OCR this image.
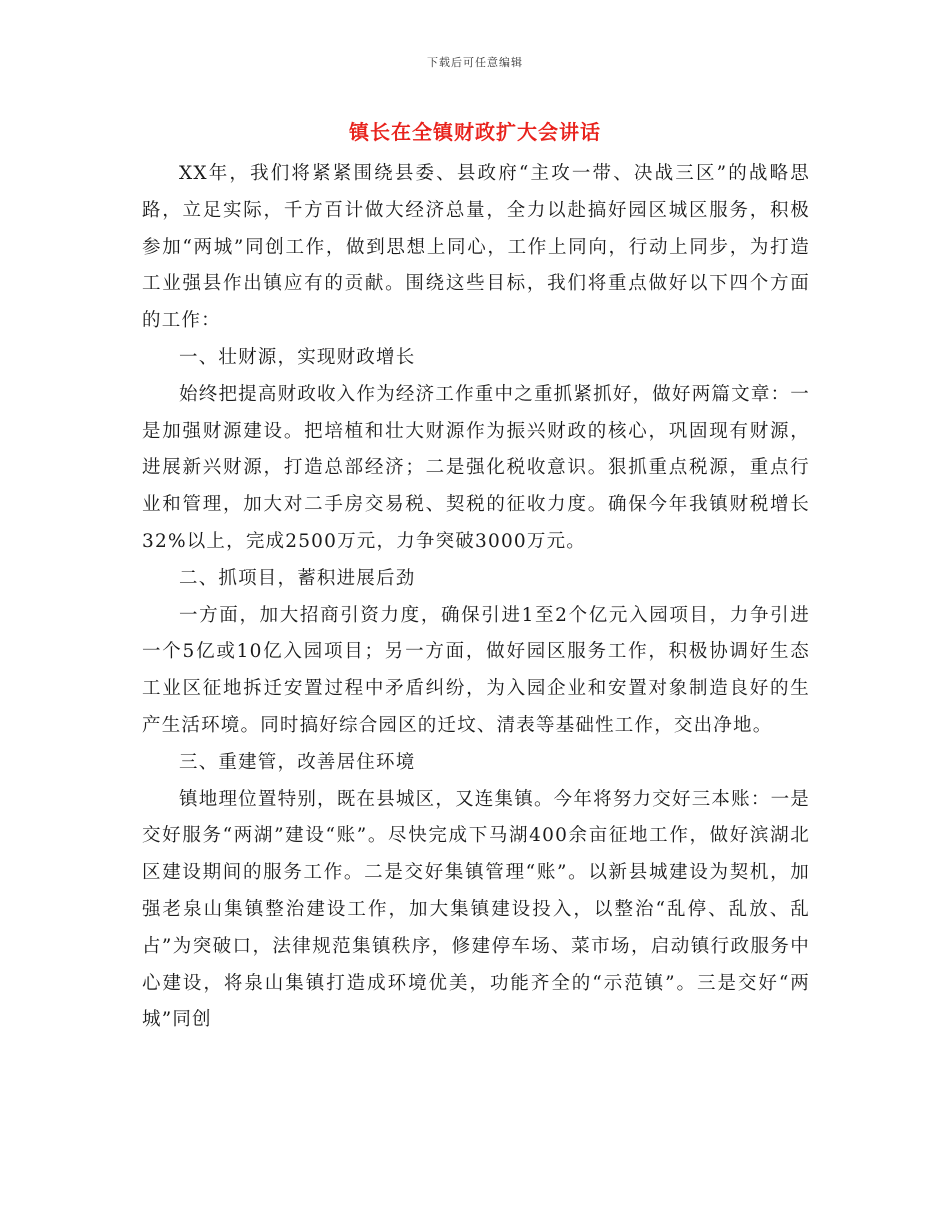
下载后可任意编辑
镇长在全镇财政扩大会讲话

XX年，我们将紧紧围绕县委、县政府“主攻一带、决战三区”的战略思路，立足实际，千方百计做大经济总量，全力以赴搞好园区城区服务，积极参加“两城”同创工作，做到思想上同心，工作上同向，行动上同步，为打造工业强县作出镇应有的贡献。围绕这些目标，我们将重点做好以下四个方面的工作：

一、壮财源，实现财政增长

始终把提高财政收入作为经济工作重中之重抓紧抓好，做好两篇文章：一是加强财源建设。把培植和壮大财源作为振兴财政的核心，巩固现有财源，进展新兴财源，打造总部经济；二是强化税收意识。狠抓重点税源，重点行业和管理，加大对二手房交易税、契税的征收力度。确保今年我镇财税增长32%以上，完成2500万元，力争突破3000万元。

二、抓项目，蓄积进展后劲

一方面，加大招商引资力度，确保引进1至2个亿元入园项目，力争引进一个5亿或10亿入园项目；另一方面，做好园区服务工作，积极协调好生态工业区征地拆迁安置过程中矛盾纠纷，为入园企业和安置对象制造良好的生产生活环境。同时搞好综合园区的迁坟、清表等基础性工作，交出净地。

三、重建管，改善居住环境

镇地理位置特别，既在县城区，又连集镇。今年将努力交好三本账：一是交好服务“两湖”建设“账”。尽快完成下马湖400余亩征地工作，做好滨湖北区建设期间的服务工作。二是交好集镇管理“账”。以新县城建设为契机，加强老泉山集镇整治建设工作，加大集镇建设投入，以整治“乱停、乱放、乱占”为突破口，法律规范集镇秩序，修建停车场、菜市场，启动镇行政服务中心建设，将泉山集镇打造成环境优美，功能齐全的“示范镇”。三是交好“两城”同创
